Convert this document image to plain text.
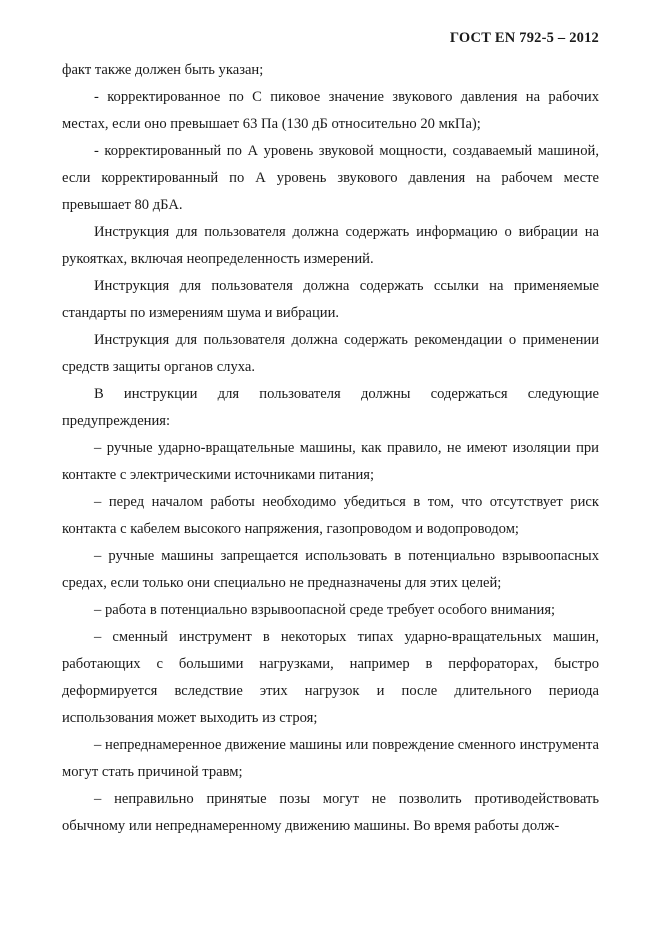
ГОСТ EN 792-5 – 2012

факт также должен быть указан;

- корректированное по С пиковое значение звукового давления на рабочих местах, если оно превышает 63 Па (130 дБ относительно 20 мкПа);

- корректированный по А уровень звуковой мощности, создаваемый машиной, если корректированный по А уровень звукового давления на рабочем месте превышает 80 дБА.

Инструкция для пользователя должна содержать информацию о вибрации на рукоятках, включая неопределенность измерений.

Инструкция для пользователя должна содержать ссылки на применяемые стандарты по измерениям шума и вибрации.

Инструкция для пользователя должна содержать рекомендации о применении средств защиты органов слуха.

В инструкции для пользователя должны содержаться следующие предупреждения:

– ручные ударно-вращательные машины, как правило, не имеют изоляции при контакте с электрическими источниками питания;

– перед началом работы необходимо убедиться в том, что отсутствует риск контакта с кабелем высокого напряжения, газопроводом и водопроводом;

– ручные машины запрещается использовать в потенциально взрывоопасных средах, если только они специально не предназначены для этих целей;

– работа в потенциально взрывоопасной среде требует особого внимания;

– сменный инструмент в некоторых типах ударно-вращательных машин, работающих с большими нагрузками, например в перфораторах, быстро деформируется вследствие этих нагрузок и после длительного периода использования может выходить из строя;

– непреднамеренное движение машины или повреждение сменного инструмента могут стать причиной травм;

– неправильно принятые позы могут не позволить противодействовать обычному или непреднамеренному движению машины. Во время работы долж-
